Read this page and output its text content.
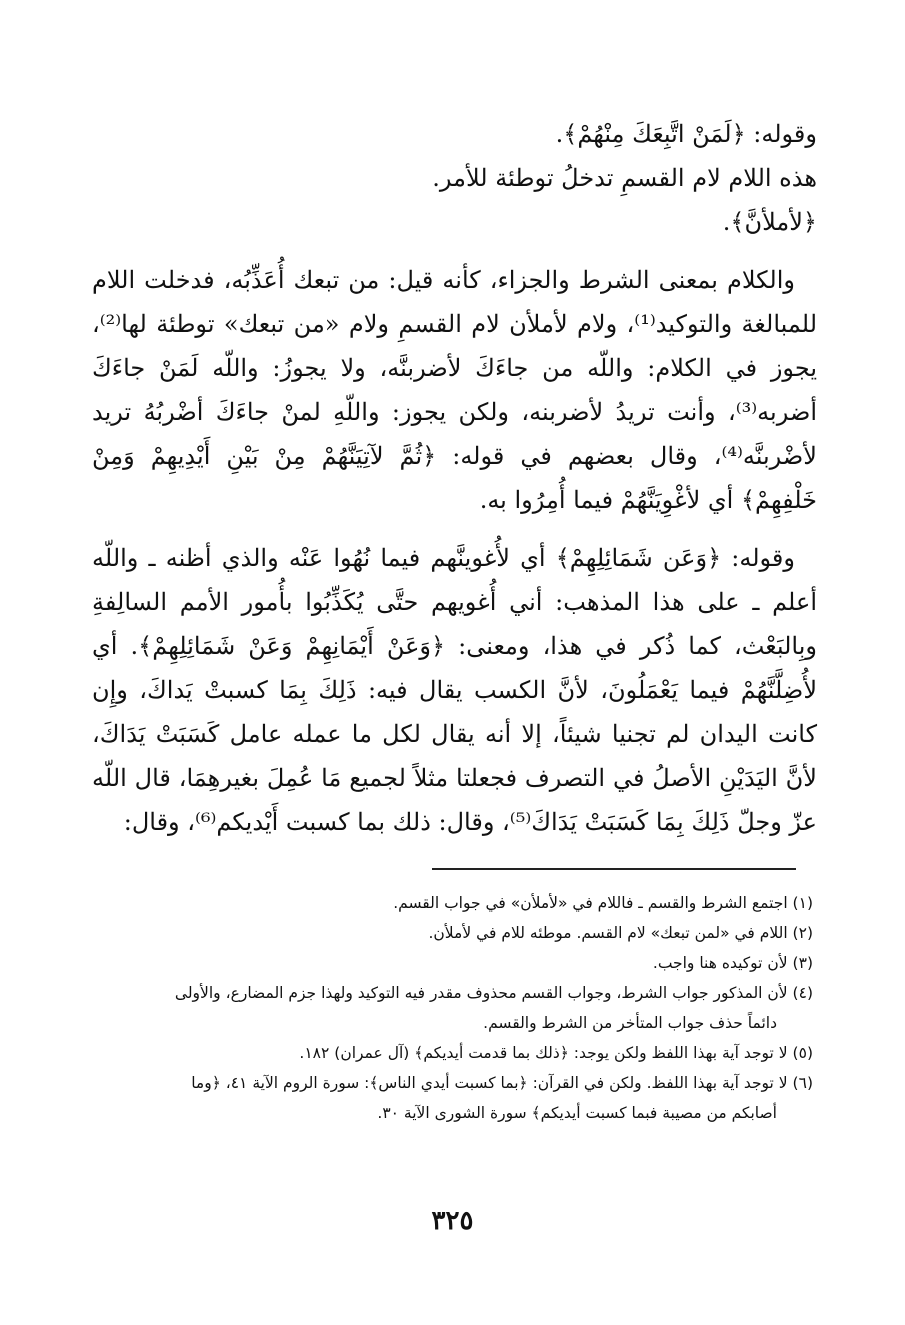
وقوله: ﴿لَمَنْ اتَّبِعَكَ مِنْهُمْ﴾.

هذه اللام لام القسمِ تدخلُ توطئة للأمر.

﴿لأملأنَّ﴾.

والكلام بمعنى الشرط والجزاء، كأنه قيل: من تبعك أُعَذِّبُه، فدخلت اللام للمبالغة والتوكيد⁽¹⁾، ولام لأملأن لام القسمِ ولام «من تبعك» توطئة لها⁽²⁾، يجوز في الكلام: واللّه من جاءَكَ لأضربنَّه، ولا يجوزُ: واللّه لَمَنْ جاءَكَ أضربه⁽³⁾، وأنت تريدُ لأضربنه، ولكن يجوز: واللّهِ لمنْ جاءَكَ أضْربُهُ تريد لأضْربنَّه⁽⁴⁾، وقال بعضهم في قوله: ﴿ثُمَّ لآتِيَنَّهُمْ مِنْ بَيْنِ أَيْدِيهِمْ وَمِنْ خَلْفِهِمْ﴾ أي لأغْوِيَنَّهُمْ فيما أُمِرُوا به.

وقوله: ﴿وَعَن شَمَائِلِهِمْ﴾ أي لأُغوينَّهم فيما نُهُوا عَنْه والذي أظنه ـ واللّه أعلم ـ على هذا المذهب: أني أُغويهم حتَّى يُكَذِّبُوا بأُمور الأمم السالِفةِ وبِالبَعْث، كما ذُكر في هذا، ومعنى: ﴿وَعَنْ أَيْمَانِهِمْ وَعَنْ شَمَائِلِهِمْ﴾. أي لأُضِلَّنَّهُمْ فيما يَعْمَلُونَ، لأنَّ الكسب يقال فيه: ذَلِكَ بِمَا كسبتْ يَداكَ، وإِن كانت اليدان لم تجنيا شيئاً، إلا أنه يقال لكل ما عمله عامل كَسَبَتْ يَدَاكَ، لأنَّ اليَدَيْنِ الأصلُ في التصرف فجعلتا مثلاً لجميع مَا عُمِلَ بغيرهِمَا، قال اللّه عزّ وجلّ ذَلِكَ بِمَا كَسَبَتْ يَدَاكَ⁽⁵⁾، وقال: ذلك بما كسبت أَيْديكم⁽⁶⁾، وقال:

(١) اجتمع الشرط والقسم ـ فاللام في «لأملأن» في جواب القسم.

(٢) اللام في «لمن تبعك» لام القسم. موطئه للام في لأملأن.

(٣) لأن توكيده هنا واجب.

(٤) لأن المذكور جواب الشرط، وجواب القسم محذوف مقدر فيه التوكيد ولهذا جزم المضارع، والأولى

دائماً حذف جواب المتأخر من الشرط والقسم.

(٥) لا توجد آية بهذا اللفظ ولكن يوجد: ﴿ذلك بما قدمت أيديكم﴾ (آل عمران) ١٨٢.

(٦) لا توجد آية بهذا اللفظ. ولكن في القرآن: ﴿بما كسبت أيدي الناس﴾: سورة الروم الآية ٤١، ﴿وما

أصابكم من مصيبة فبما كسبت أيديكم﴾ سورة الشورى الآية ٣٠.

٣٢٥
